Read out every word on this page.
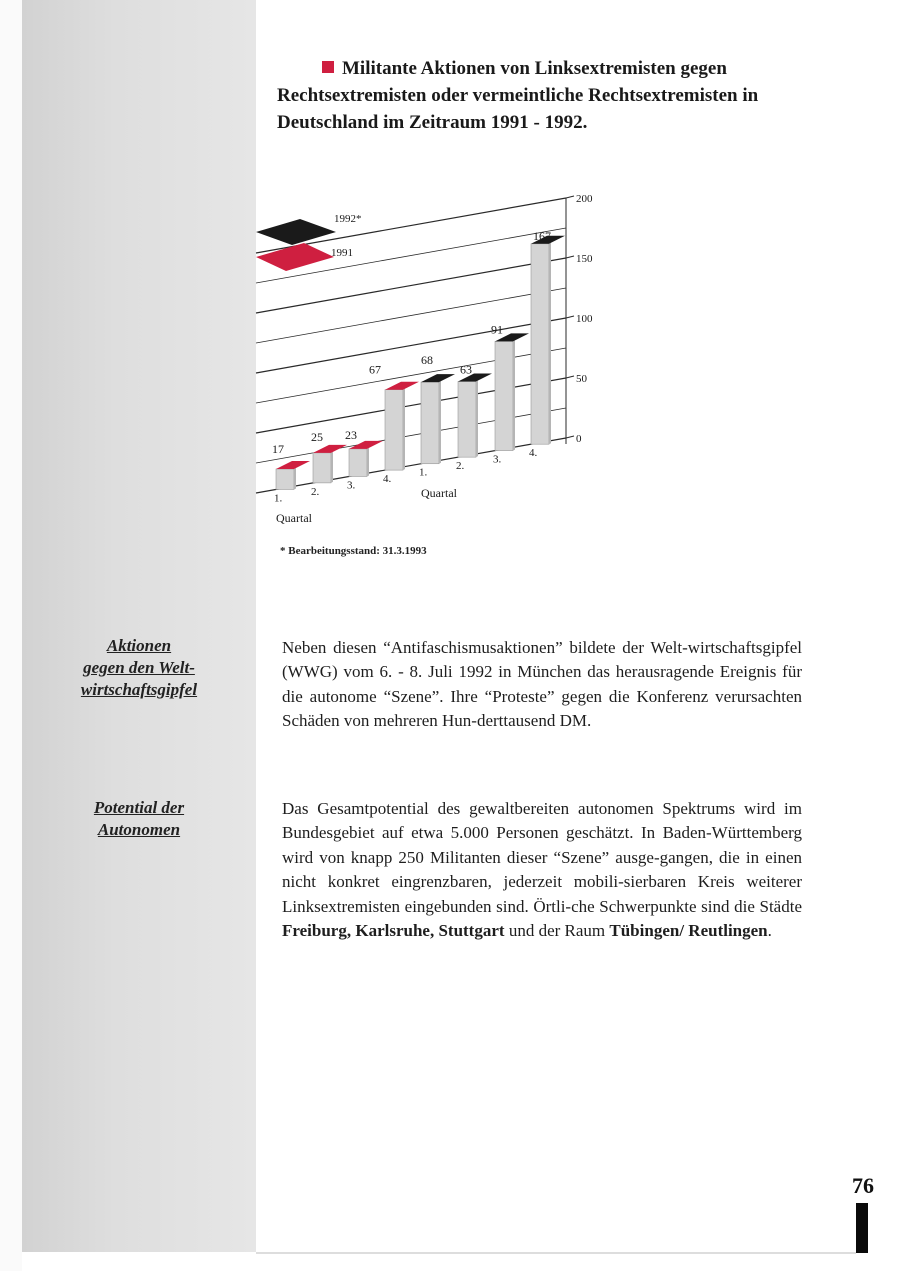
Aktionen
gegen den Welt-
wirtschaftsgipfel
Potential der
Autonomen
Militante Aktionen von Linksextremisten gegen
Rechtsextremisten oder vermeintliche Rechtsextremisten in
Deutschland im Zeitraum 1991 - 1992.
1992*
1991
0
50
100
150
200
17
1.
25
2.
23
3.
67
4.
68
1.
63
2.
91
3.
167
4.
Quartal
Quartal
* Bearbeitungsstand: 31.3.1993

Neben diesen “Antifaschismusaktionen” bildete der Welt-wirtschaftsgipfel (WWG) vom 6. - 8. Juli 1992 in München das herausragende Ereignis für die autonome “Szene”. Ihre “Proteste” gegen die Konferenz verursachten Schäden von mehreren Hun-derttausend DM.

Das Gesamtpotential des gewaltbereiten autonomen Spektrums wird im Bundesgebiet auf etwa 5.000 Personen geschätzt. In Baden-Württemberg wird von knapp 250 Militanten dieser “Szene” ausge-gangen, die in einen nicht konkret eingrenzbaren, jederzeit mobili-sierbaren Kreis weiterer Linksextremisten eingebunden sind. Örtli-che Schwerpunkte sind die Städte Freiburg, Karlsruhe, Stuttgart und der Raum Tübingen/ Reutlingen.

76
